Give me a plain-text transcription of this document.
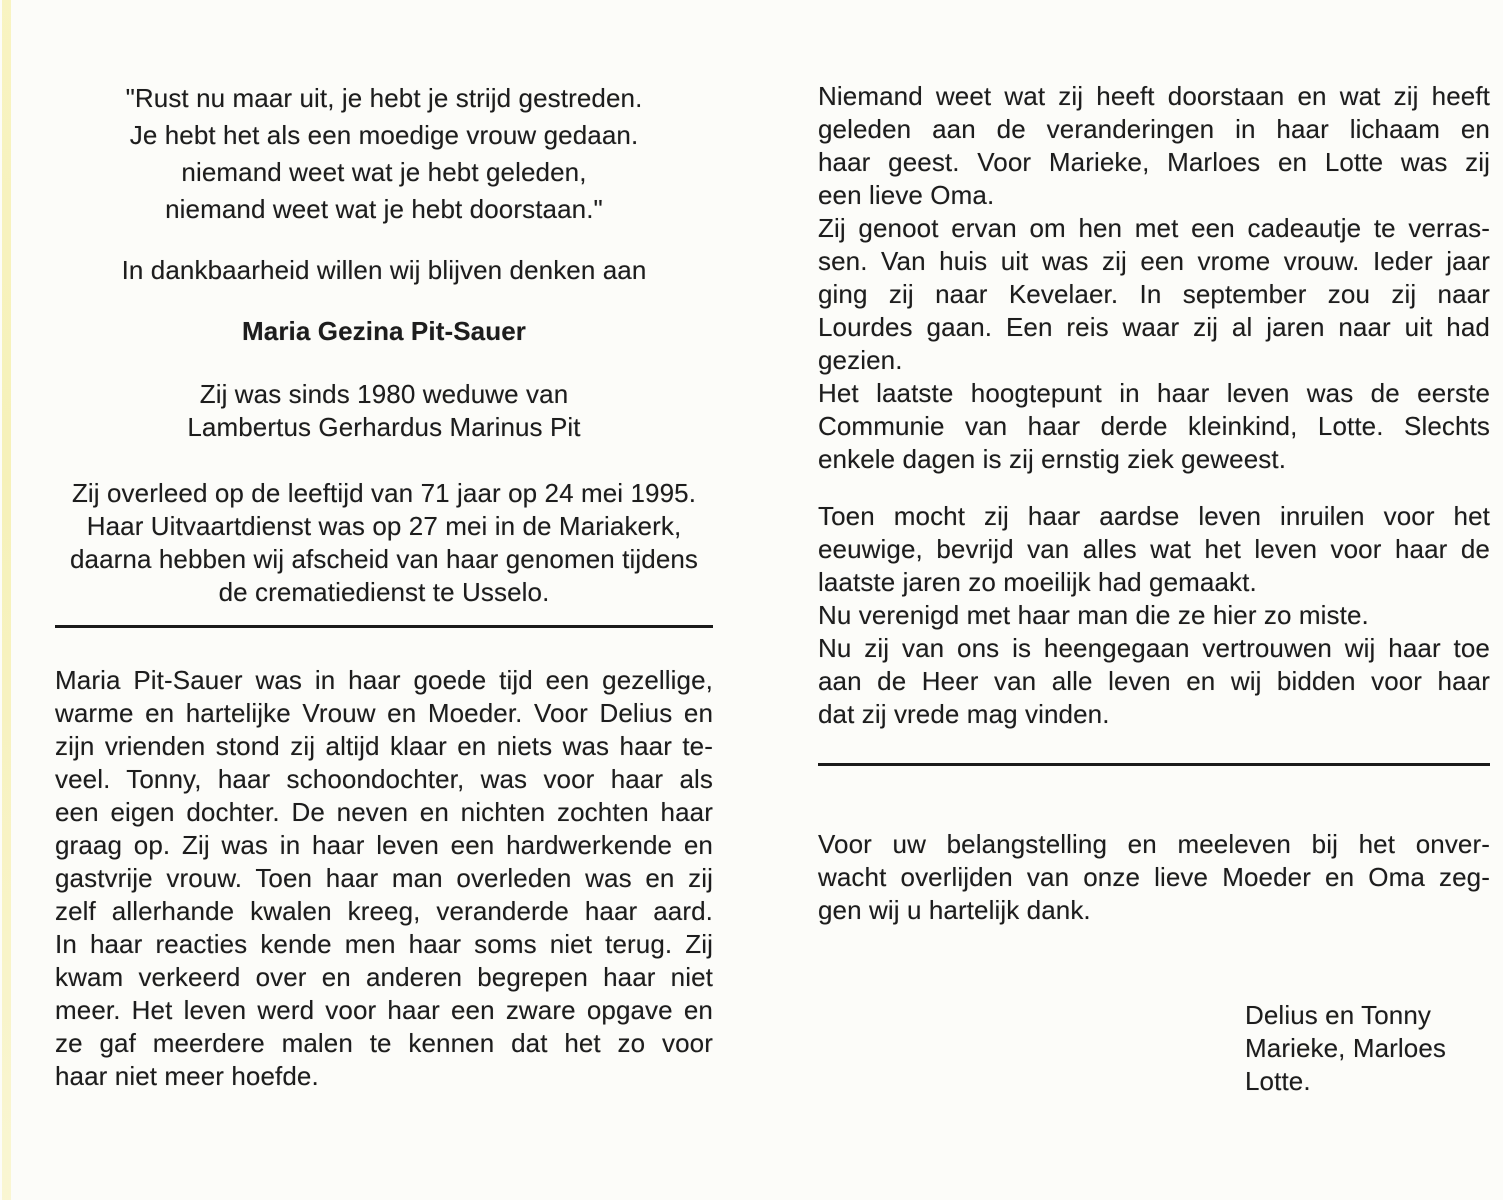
"Rust nu maar uit, je hebt je strijd gestreden.
Je hebt het als een moedige vrouw gedaan.
niemand weet wat je hebt geleden,
niemand weet wat je hebt doorstaan."
In dankbaarheid willen wij blijven denken aan
Maria Gezina Pit-Sauer
Zij was sinds 1980 weduwe van
Lambertus Gerhardus Marinus Pit
Zij overleed op de leeftijd van 71 jaar op 24 mei 1995.
Haar Uitvaartdienst was op 27 mei in de Mariakerk,
daarna hebben wij afscheid van haar genomen tijdens
de crematiedienst te Usselo.
Maria Pit-Sauer was in haar goede tijd een gezellige,
warme en hartelijke Vrouw en Moeder. Voor Delius en
zijn vrienden stond zij altijd klaar en niets was haar te-
veel. Tonny, haar schoondochter, was voor haar als
een eigen dochter. De neven en nichten zochten haar
graag op. Zij was in haar leven een hardwerkende en
gastvrije vrouw. Toen haar man overleden was en zij
zelf allerhande kwalen kreeg, veranderde haar aard.
In haar reacties kende men haar soms niet terug. Zij
kwam verkeerd over en anderen begrepen haar niet
meer. Het leven werd voor haar een zware opgave en
ze gaf meerdere malen te kennen dat het zo voor
haar niet meer hoefde.
Niemand weet wat zij heeft doorstaan en wat zij heeft
geleden aan de veranderingen in haar lichaam en
haar geest. Voor Marieke, Marloes en Lotte was zij
een lieve Oma.
Zij genoot ervan om hen met een cadeautje te verras-
sen. Van huis uit was zij een vrome vrouw. Ieder jaar
ging zij naar Kevelaer. In september zou zij naar
Lourdes gaan. Een reis waar zij al jaren naar uit had
gezien.
Het laatste hoogtepunt in haar leven was de eerste
Communie van haar derde kleinkind, Lotte. Slechts
enkele dagen is zij ernstig ziek geweest.
Toen mocht zij haar aardse leven inruilen voor het
eeuwige, bevrijd van alles wat het leven voor haar de
laatste jaren zo moeilijk had gemaakt.
Nu verenigd met haar man die ze hier zo miste.
Nu zij van ons is heengegaan vertrouwen wij haar toe
aan de Heer van alle leven en wij bidden voor haar
dat zij vrede mag vinden.
Voor uw belangstelling en meeleven bij het onver-
wacht overlijden van onze lieve Moeder en Oma zeg-
gen wij u hartelijk dank.
Delius en Tonny
Marieke, Marloes
Lotte.
